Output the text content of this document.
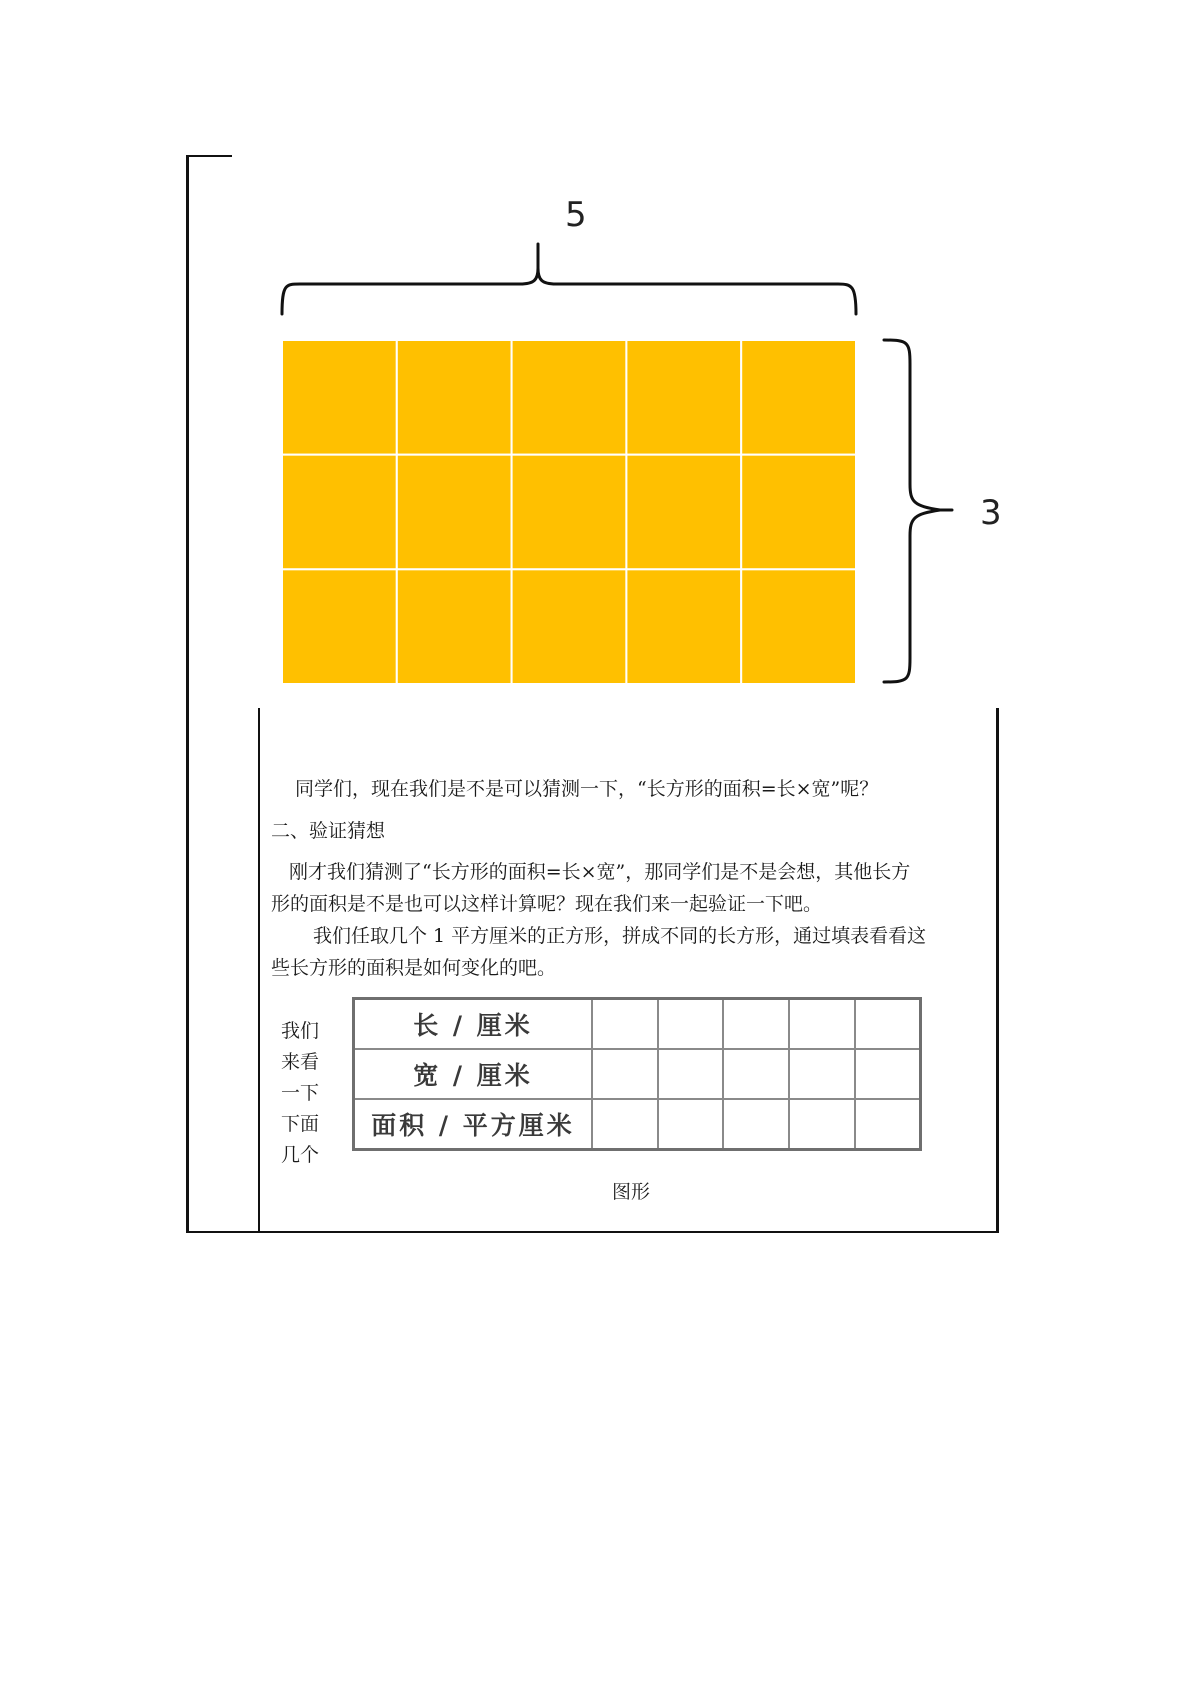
5
3
同学们，现在我们是不是可以猜测一下，“长方形的面积=长×宽”呢？
二、验证猜想
刚才我们猜测了“长方形的面积=长×宽”，那同学们是不是会想，其他长方
形的面积是不是也可以这样计算呢？现在我们来一起验证一下吧。
我们任取几个 1 平方厘米的正方形，拼成不同的长方形，通过填表看看这
些长方形的面积是如何变化的吧。
我们
来看
一下
下面
几个
长 / 厘米					
宽 / 厘米					
面积 / 平方厘米					
图形
